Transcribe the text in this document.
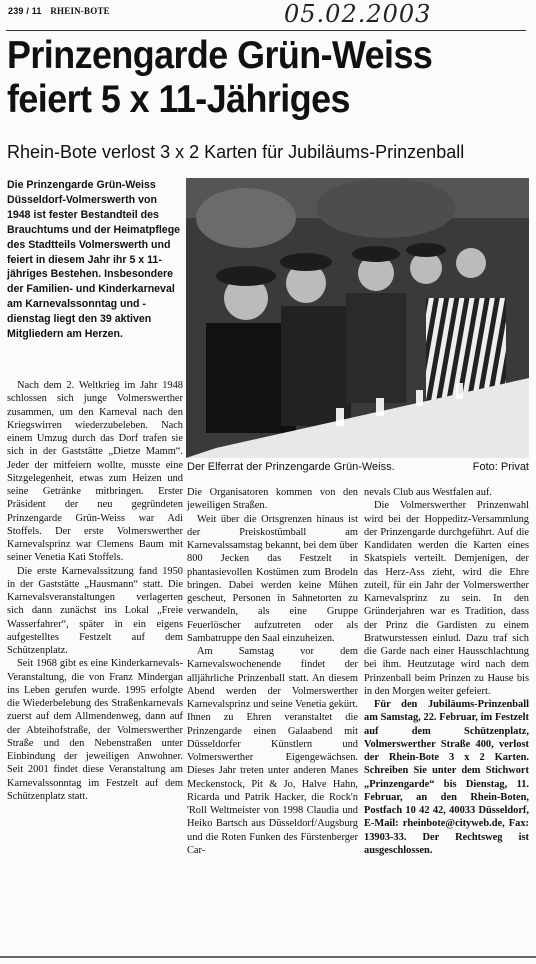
239 / 11 RHEIN-BOTE	05.02.2003
Prinzengarde Grün-Weiss
feiert 5 x 11-Jähriges
Rhein-Bote verlost 3 x 2 Karten für Jubiläums-Prinzenball
Die Prinzengarde Grün-Weiss Düsseldorf-Volmerswerth von 1948 ist fester Bestandteil des Brauchtums und der Heimatpflege des Stadtteils Volmerswerth und feiert in diesem Jahr ihr 5 x 11-jähriges Bestehen. Insbesondere der Familien- und Kinderkarneval am Karnevalssonntag und -dienstag liegt den 39 aktiven Mitgliedern am Herzen.
Der Elferrat der Prinzengarde Grün-Weiss.	Foto: Privat

Nach dem 2. Weltkrieg im Jahr 1948 schlossen sich junge Volmerswerther zusammen, um den Karneval nach den Kriegswirren wiederzubeleben. Nach einem Umzug durch das Dorf trafen sie sich in der Gaststätte „Dietze Mamm“. Jeder der mitfeiern wollte, musste eine Sitzgelegenheit, etwas zum Heizen und seine Getränke mitbringen. Erster Präsident der neu gegründeten Prinzengarde Grün-Weiss war Adi Stoffels. Der erste Volmerswerther Karnevalsprinz war Clemens Baum mit seiner Venetia Kati Stoffels.

Die erste Karnevalssitzung fand 1950 in der Gaststätte „Hausmann“ statt. Die Karnevalsveranstaltungen verlagerten sich dann zunächst ins Lokal „Freie Wasserfahrer“, später in ein eigens aufgestelltes Festzelt auf dem Schützenplatz.

Seit 1968 gibt es eine Kinderkarnevals-Veranstaltung, die von Franz Mindergan ins Leben gerufen wurde. 1995 erfolgte die Wiederbelebung des Straßenkarnevals zuerst auf dem Allmendenweg, dann auf der Abteihofstraße, der Volmerswerther Straße und den Nebenstraßen unter Einbindung der jeweiligen Anwohner. Seit 2001 findet diese Veranstaltung am Karnevalssonntag im Festzelt auf dem Schützenplatz statt.

Die Organisatoren kommen von den jeweiligen Straßen.

Weit über die Ortsgrenzen hinaus ist der Preiskostümball am Karnevalssamstag bekannt, bei dem über 800 Jecken das Festzelt in phantasievollen Kostümen zum Brodeln bringen. Dabei werden keine Mühen gescheut, Personen in Sahnetorten zu verwandeln, als eine Gruppe Feuerlöscher aufzutreten oder als Sambatruppe den Saal einzuheizen.

Am Samstag vor dem Karnevalswochenende findet der alljährliche Prinzenball statt. An diesem Abend werden der Volmerswerther Karnevalsprinz und seine Venetia gekürt. Ihnen zu Ehren veranstaltet die Prinzengarde einen Galaabend mit Düsseldorfer Künstlern und Volmerswerther Eigengewächsen. Dieses Jahr treten unter anderen Manes Meckenstock, Pit & Jo, Halve Hahn, Ricarda und Patrik Hacker, die Rock'n 'Roll Weltmeister von 1998 Claudia und Heiko Bartsch aus Düsseldorf/Augsburg und die Roten Funken des Fürstenberger Car-

nevals Club aus Westfalen auf.

Die Volmerswerther Prinzenwahl wird bei der Hoppeditz-Versammlung der Prinzengarde durchgeführt. Auf die Kandidaten werden die Karten eines Skatspiels verteilt. Demjenigen, der das Herz-Ass zieht, wird die Ehre zuteil, für ein Jahr der Volmerswerther Karnevalsprinz zu sein. In den Gründerjahren war es Tradition, dass der Prinz die Gardisten zu einem Bratwurstessen einlud. Dazu traf sich die Garde nach einer Hausschlachtung bei ihm. Heutzutage wird nach dem Prinzenball beim Prinzen zu Hause bis in den Morgen weiter gefeiert.

Für den Jubiläums-Prinzenball am Samstag, 22. Februar, im Festzelt auf dem Schützenplatz, Volmerswerther Straße 400, verlost der Rhein-Bote 3 x 2 Karten. Schreiben Sie unter dem Stichwort „Prinzengarde“ bis Dienstag, 11. Februar, an den Rhein-Boten, Postfach 10 42 42, 40033 Düsseldorf, E-Mail: rheinbote@cityweb.de, Fax: 13903-33. Der Rechtsweg ist ausgeschlossen.
